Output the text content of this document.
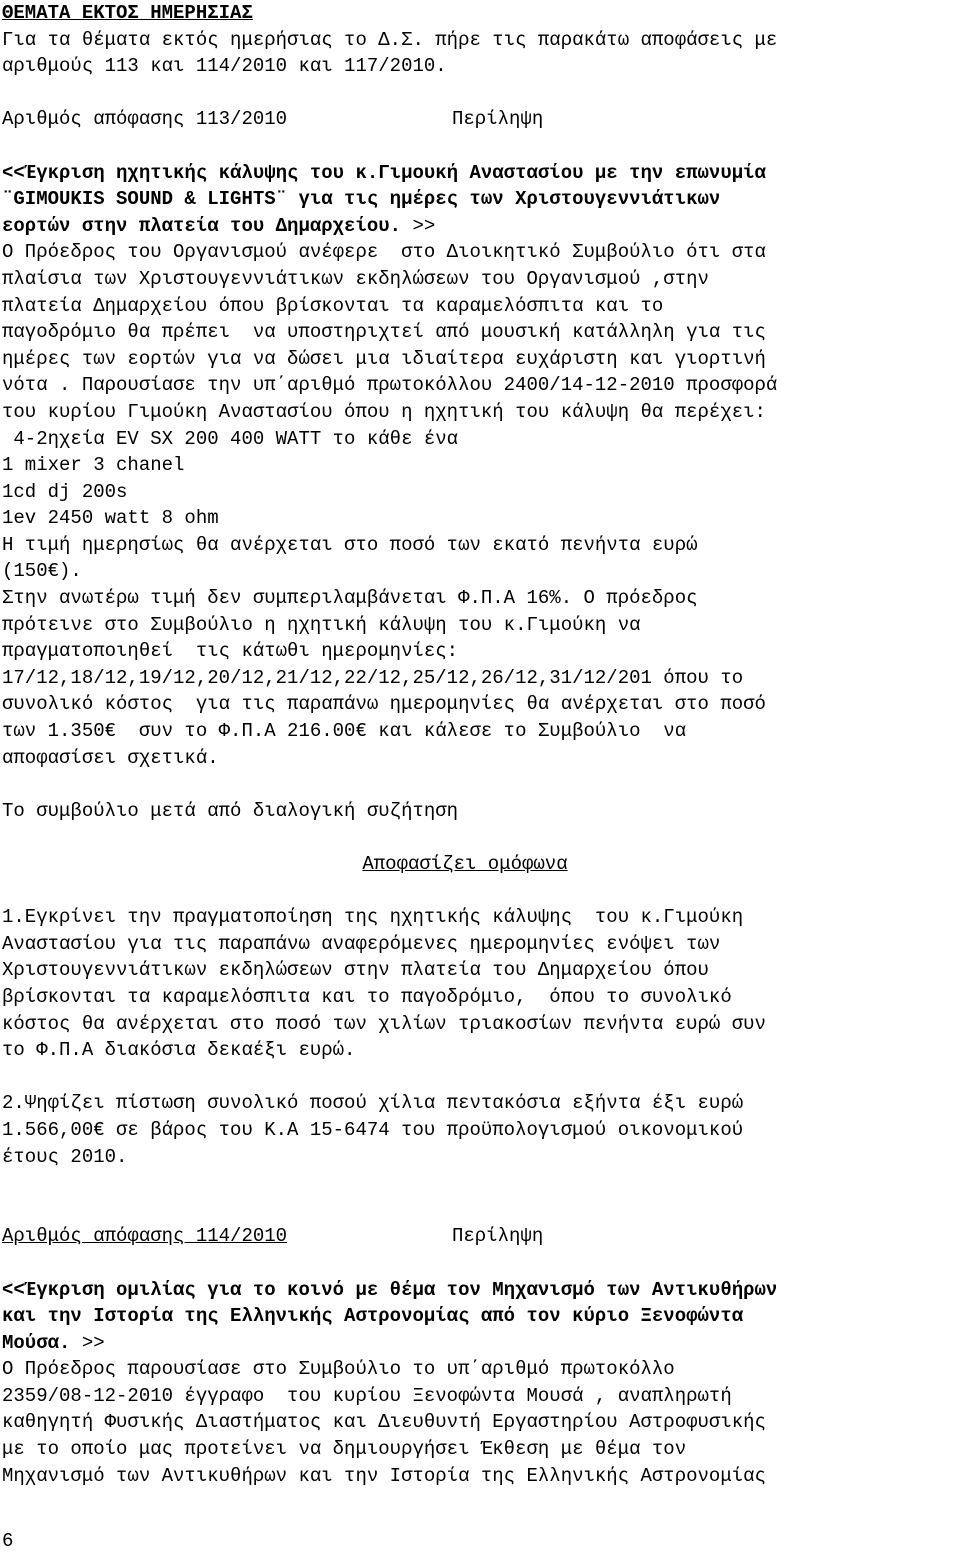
ΘΕΜΑΤΑ ΕΚΤΟΣ ΗΜΕΡΗΣΙΑΣ
Για τα θέματα εκτός ημερήσιας το Δ.Σ. πήρε τις παρακάτω αποφάσεις με
αριθμούς 113 και 114/2010 και 117/2010.
Αριθμός απόφασης 113/2010	Περίληψη
<<Έγκριση ηχητικής κάλυψης του κ.Γιμουκή Αναστασίου με την επωνυμία
¨GIMOUKIS SOUND & LIGHTS¨ για τις ημέρες των Χριστουγεννιάτικων
εορτών στην πλατεία του Δημαρχείου. >>
Ο Πρόεδρος του Οργανισμού ανέφερε  στο Διοικητικό Συμβούλιο ότι στα
πλαίσια των Χριστουγεννιάτικων εκδηλώσεων του Οργανισμού ,στην
πλατεία Δημαρχείου όπου βρίσκονται τα καραμελόσπιτα και το
παγοδρόμιο θα πρέπει  να υποστηριχτεί από μουσική κατάλληλη για τις
ημέρες των εορτών για να δώσει μια ιδιαίτερα ευχάριστη και γιορτινή
νότα . Παρουσίασε την υπ΄αριθμό πρωτοκόλλου 2400/14-12-2010 προσφορά
του κυρίου Γιμούκη Αναστασίου όπου η ηχητική του κάλυψη θα περέχει:
4-2ηχεία EV SX 200 400 WATT το κάθε ένα
1 mixer 3 chanel
1cd dj 200s
1ev 2450 watt 8 ohm
Η τιμή ημερησίως θα ανέρχεται στο ποσό των εκατό πενήντα ευρώ
(150€).
Στην ανωτέρω τιμή δεν συμπεριλαμβάνεται Φ.Π.Α 16%. Ο πρόεδρος
πρότεινε στο Συμβούλιο η ηχητική κάλυψη του κ.Γιμούκη να
πραγματοποιηθεί  τις κάτωθι ημερομηνίες:
17/12,18/12,19/12,20/12,21/12,22/12,25/12,26/12,31/12/201 όπου το
συνολικό κόστος  για τις παραπάνω ημερομηνίες θα ανέρχεται στο ποσό
των 1.350€  συν το Φ.Π.Α 216.00€ και κάλεσε το Συμβούλιο  να
αποφασίσει σχετικά.
Το συμβούλιο μετά από διαλογική συζήτηση
Αποφασίζει ομόφωνα
1.Εγκρίνει την πραγματοποίηση της ηχητικής κάλυψης  του κ.Γιμούκη
Αναστασίου για τις παραπάνω αναφερόμενες ημερομηνίες ενόψει των
Χριστουγεννιάτικων εκδηλώσεων στην πλατεία του Δημαρχείου όπου
βρίσκονται τα καραμελόσπιτα και το παγοδρόμιο,  όπου το συνολικό
κόστος θα ανέρχεται στο ποσό των χιλίων τριακοσίων πενήντα ευρώ συν
το Φ.Π.Α διακόσια δεκαέξι ευρώ.
2.Ψηφίζει πίστωση συνολικό ποσού χίλια πεντακόσια εξήντα έξι ευρώ
1.566,00€ σε βάρος του Κ.Α 15-6474 του προϋπολογισμού οικονομικού
έτους 2010.
Αριθμός απόφασης 114/2010	Περίληψη
<<Έγκριση ομιλίας για το κοινό με θέμα τον Μηχανισμό των Αντικυθήρων
και την Ιστορία της Ελληνικής Αστρονομίας από τον κύριο Ξενοφώντα
Μούσα. >>
Ο Πρόεδρος παρουσίασε στο Συμβούλιο το υπ΄αριθμό πρωτοκόλλο
2359/08-12-2010 έγγραφο  του κυρίου Ξενοφώντα Μουσά , αναπληρωτή
καθηγητή Φυσικής Διαστήματος και Διευθυντή Εργαστηρίου Αστροφυσικής
με το οποίο μας προτείνει να δημιουργήσει Έκθεση με θέμα τον
Μηχανισμό των Αντικυθήρων και την Ιστορία της Ελληνικής Αστρονομίας
6
